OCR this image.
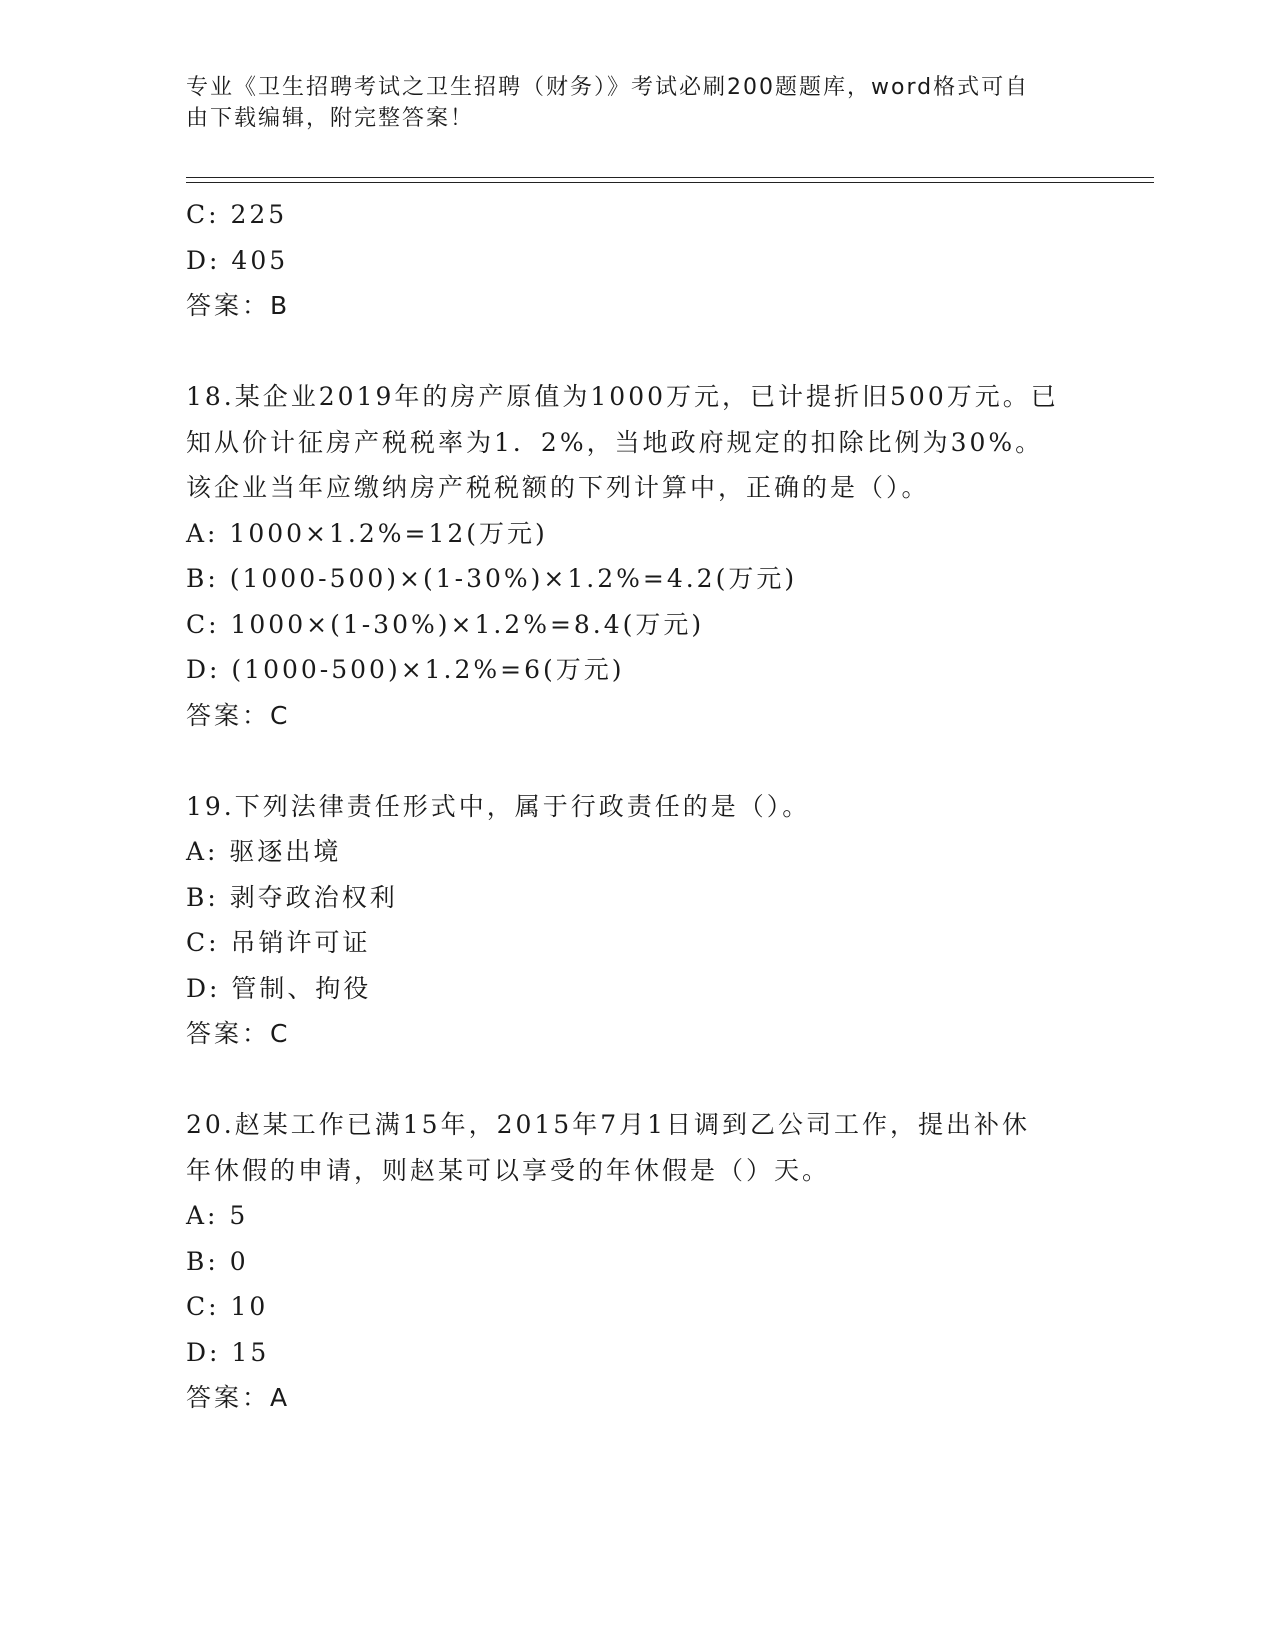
专业《卫生招聘考试之卫生招聘（财务）》考试必刷200题题库，word格式可自
由下载编辑，附完整答案！
C: 225
D: 405
答案：B
18.某企业2019年的房产原值为1000万元，已计提折旧500万元。已
知从价计征房产税税率为1．2%，当地政府规定的扣除比例为30%。
该企业当年应缴纳房产税税额的下列计算中，正确的是（）。
A: 1000×1.2%=12(万元)
B: (1000-500)×(1-30%)×1.2%=4.2(万元)
C: 1000×(1-30%)×1.2%=8.4(万元)
D: (1000-500)×1.2%=6(万元)
答案：C
19.下列法律责任形式中，属于行政责任的是（）。
A: 驱逐出境
B: 剥夺政治权利
C: 吊销许可证
D: 管制、拘役
答案：C
20.赵某工作已满15年，2015年7月1日调到乙公司工作，提出补休
年休假的申请，则赵某可以享受的年休假是（）天。
A: 5
B: 0
C: 10
D: 15
答案：A
